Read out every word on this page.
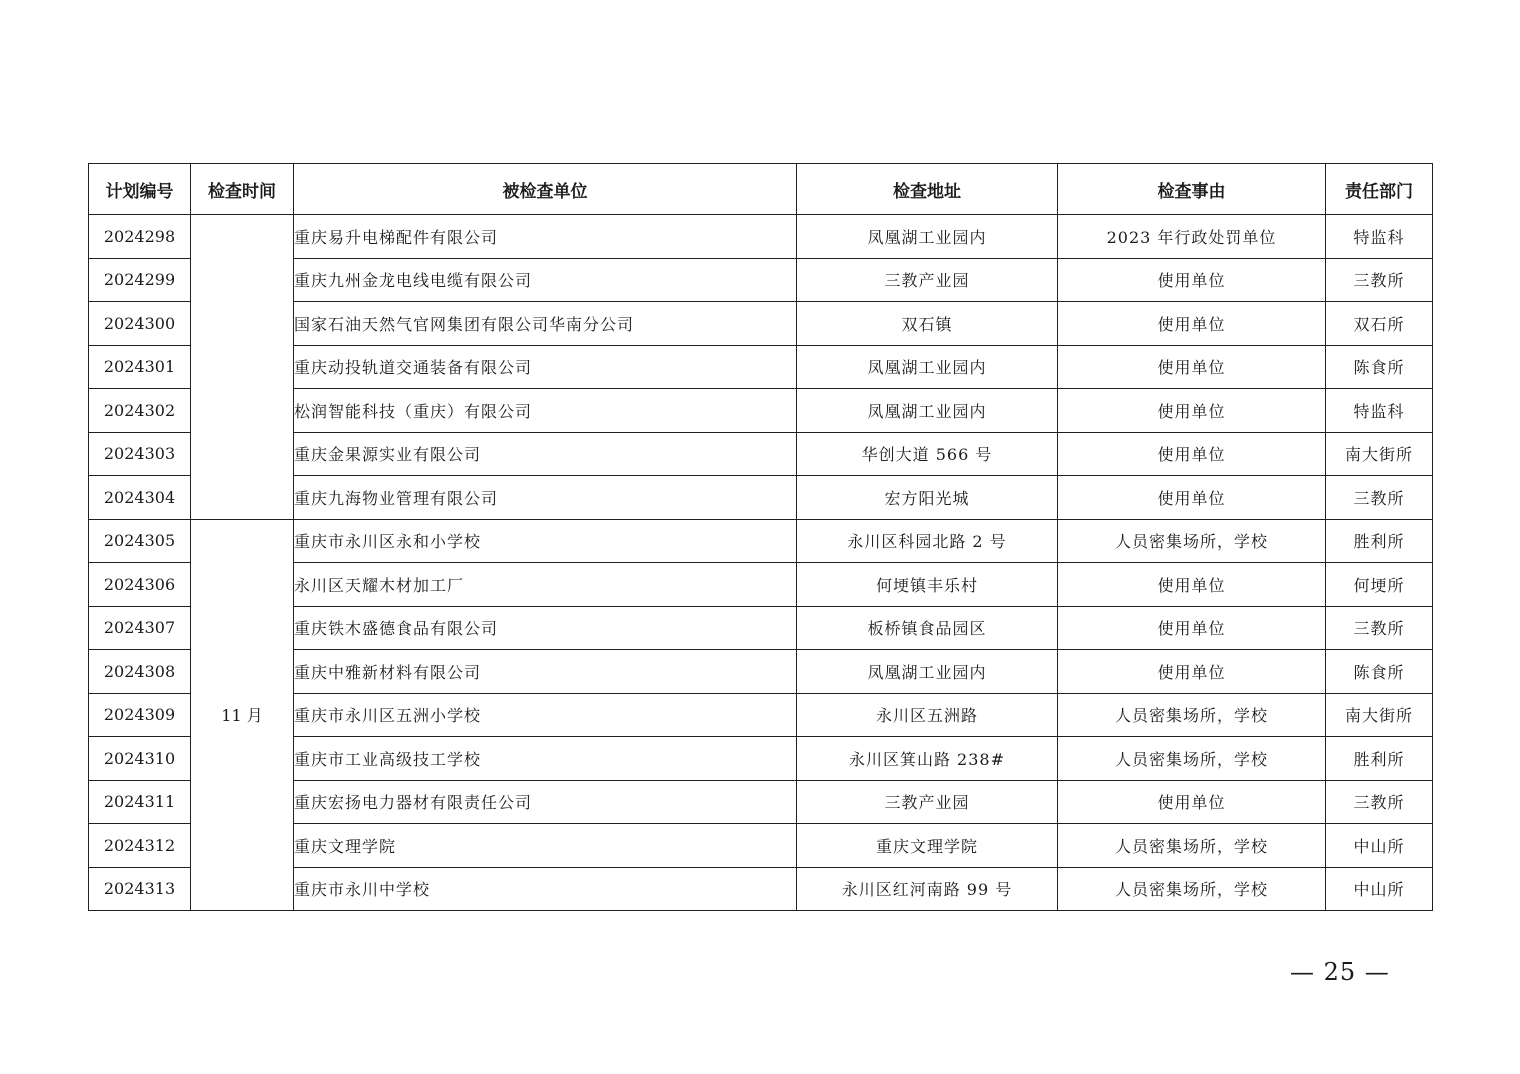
计划编号	检查时间	被检查单位	检查地址	检查事由	责任部门
2024298		重庆易升电梯配件有限公司	凤凰湖工业园内	2023 年行政处罚单位	特监科
2024299		重庆九州金龙电线电缆有限公司	三教产业园	使用单位	三教所
2024300		国家石油天然气官网集团有限公司华南分公司	双石镇	使用单位	双石所
2024301		重庆动投轨道交通装备有限公司	凤凰湖工业园内	使用单位	陈食所
2024302		松润智能科技（重庆）有限公司	凤凰湖工业园内	使用单位	特监科
2024303		重庆金果源实业有限公司	华创大道 566 号	使用单位	南大街所
2024304		重庆九海物业管理有限公司	宏方阳光城	使用单位	三教所
2024305	11 月	重庆市永川区永和小学校	永川区科园北路 2 号	人员密集场所，学校	胜利所
2024306		永川区天耀木材加工厂	何埂镇丰乐村	使用单位	何埂所
2024307		重庆铁木盛德食品有限公司	板桥镇食品园区	使用单位	三教所
2024308		重庆中雅新材料有限公司	凤凰湖工业园内	使用单位	陈食所
2024309		重庆市永川区五洲小学校	永川区五洲路	人员密集场所，学校	南大街所
2024310		重庆市工业高级技工学校	永川区箕山路 238#	人员密集场所，学校	胜利所
2024311		重庆宏扬电力器材有限责任公司	三教产业园	使用单位	三教所
2024312		重庆文理学院	重庆文理学院	人员密集场所，学校	中山所
2024313		重庆市永川中学校	永川区红河南路 99 号	人员密集场所，学校	中山所
— 25 —
